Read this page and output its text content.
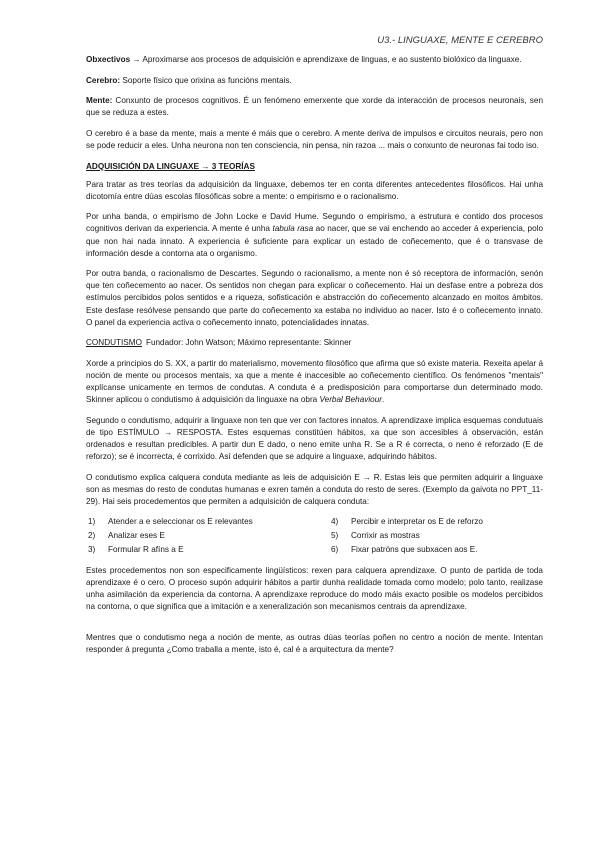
U3.- LINGUAXE, MENTE E CEREBRO

Obxectivos → Aproximarse aos procesos de adquisición e aprendizaxe de linguas, e ao sustento biolóxico da linguaxe.

Cerebro: Soporte físico que orixina as funcións mentais.

Mente: Conxunto de procesos cognitivos. É un fenómeno emerxente que xorde da interacción de procesos neuronais, sen que se reduza a estes.

O cerebro é a base da mente, mais a mente é máis que o cerebro. A mente deriva de impulsos e circuitos neurais, pero non se pode reducir a eles. Unha neurona non ten consciencia, nin pensa, nin razoa ... mais o conxunto de neuronas fai todo iso.

ADQUISICIÓN DA LINGUAXE → 3 TEORÍAS

Para tratar as tres teorías da adquisición da linguaxe, debemos ter en conta diferentes antecedentes filosóficos. Hai unha dicotomía entre dúas escolas filosóficas sobre a mente: o empirismo e o racionalismo.

Por unha banda, o empirismo de John Locke e David Hume. Segundo o empirismo, a estrutura e contido dos procesos cognitivos derivan da experiencia. A mente é unha tabula rasa ao nacer, que se vai enchendo ao acceder á experiencia, polo que non hai nada innato. A experiencia é suficiente para explicar un estado de coñecemento, que é o transvase de información desde a contorna ata o organismo.

Por outra banda, o racionalismo de Descartes. Segundo o racionalismo, a mente non é só receptora de información, senón que ten coñecemento ao nacer. Os sentidos non chegan para explicar o coñecemento. Hai un desfase entre a pobreza dos estímulos percibidos polos sentidos e a riqueza, sofisticación e abstracción do coñecemento alcanzado en moitos ámbitos. Este desfase resólvese pensando que parte do coñecemento xa estaba no individuo ao nacer. Isto é o coñecemento innato. O panel da experiencia activa o coñecemento innato, potencialidades innatas.

CONDUTISMO Fundador: John Watson; Máximo representante: Skinner

Xorde a principios do S. XX, a partir do materialismo, movemento filosófico que afirma que só existe materia. Rexeita apelar á noción de mente ou procesos mentais, xa que a mente é inaccesible ao coñecemento científico. Os fenómenos "mentais" explícanse unicamente en termos de condutas. A conduta é a predisposición para comportarse dun determinado modo. Skinner aplicou o condutismo á adquisición da linguaxe na obra Verbal Behaviour.

Segundo o condutismo, adquirir a linguaxe non ten que ver con factores innatos. A aprendizaxe implica esquemas condutuais de tipo ESTÍMULO → RESPOSTA. Estes esquemas constitúen hábitos, xa que son accesibles á observación, están ordenados e resultan predicibles. A partir dun E dado, o neno emite unha R. Se a R é correcta, o neno é reforzado (E de reforzo); se é incorrecta, é corrixido. Así defenden que se adquire a linguaxe, adquirindo hábitos.

O condutismo explica calquera conduta mediante as leis de adquisición E → R. Estas leis que permiten adquirir a linguaxe son as mesmas do resto de condutas humanas e exren tamén a conduta do resto de seres. (Exemplo da gaivota no PPT_11-29). Hai seis procedementos que permiten a adquisición de calquera conduta:

1) Atender a e seleccionar os E relevantes
2) Analizar eses E
3) Formular R afíns a E
4) Percibir e interpretar os E de reforzo
5) Corrixir as mostras
6) Fixar patróns que subxacen aos E.

Estes procedementos non son especificamente lingüísticos: rexen para calquera aprendizaxe. O punto de partida de toda aprendizaxe é o cero. O proceso supón adquirir hábitos a partir dunha realidade tomada como modelo; polo tanto, realizase unha asimilación da experiencia da contorna. A aprendizaxe reproduce do modo máis exacto posible os modelos percibidos na contorna, o que significa que a imitación e a xeneralización son mecanismos centrais da aprendizaxe.

Mentres que o condutismo nega a noción de mente, as outras dúas teorías poñen no centro a noción de mente. Intentan responder á pregunta ¿Como traballa a mente, isto é, cal é a arquitectura da mente?
